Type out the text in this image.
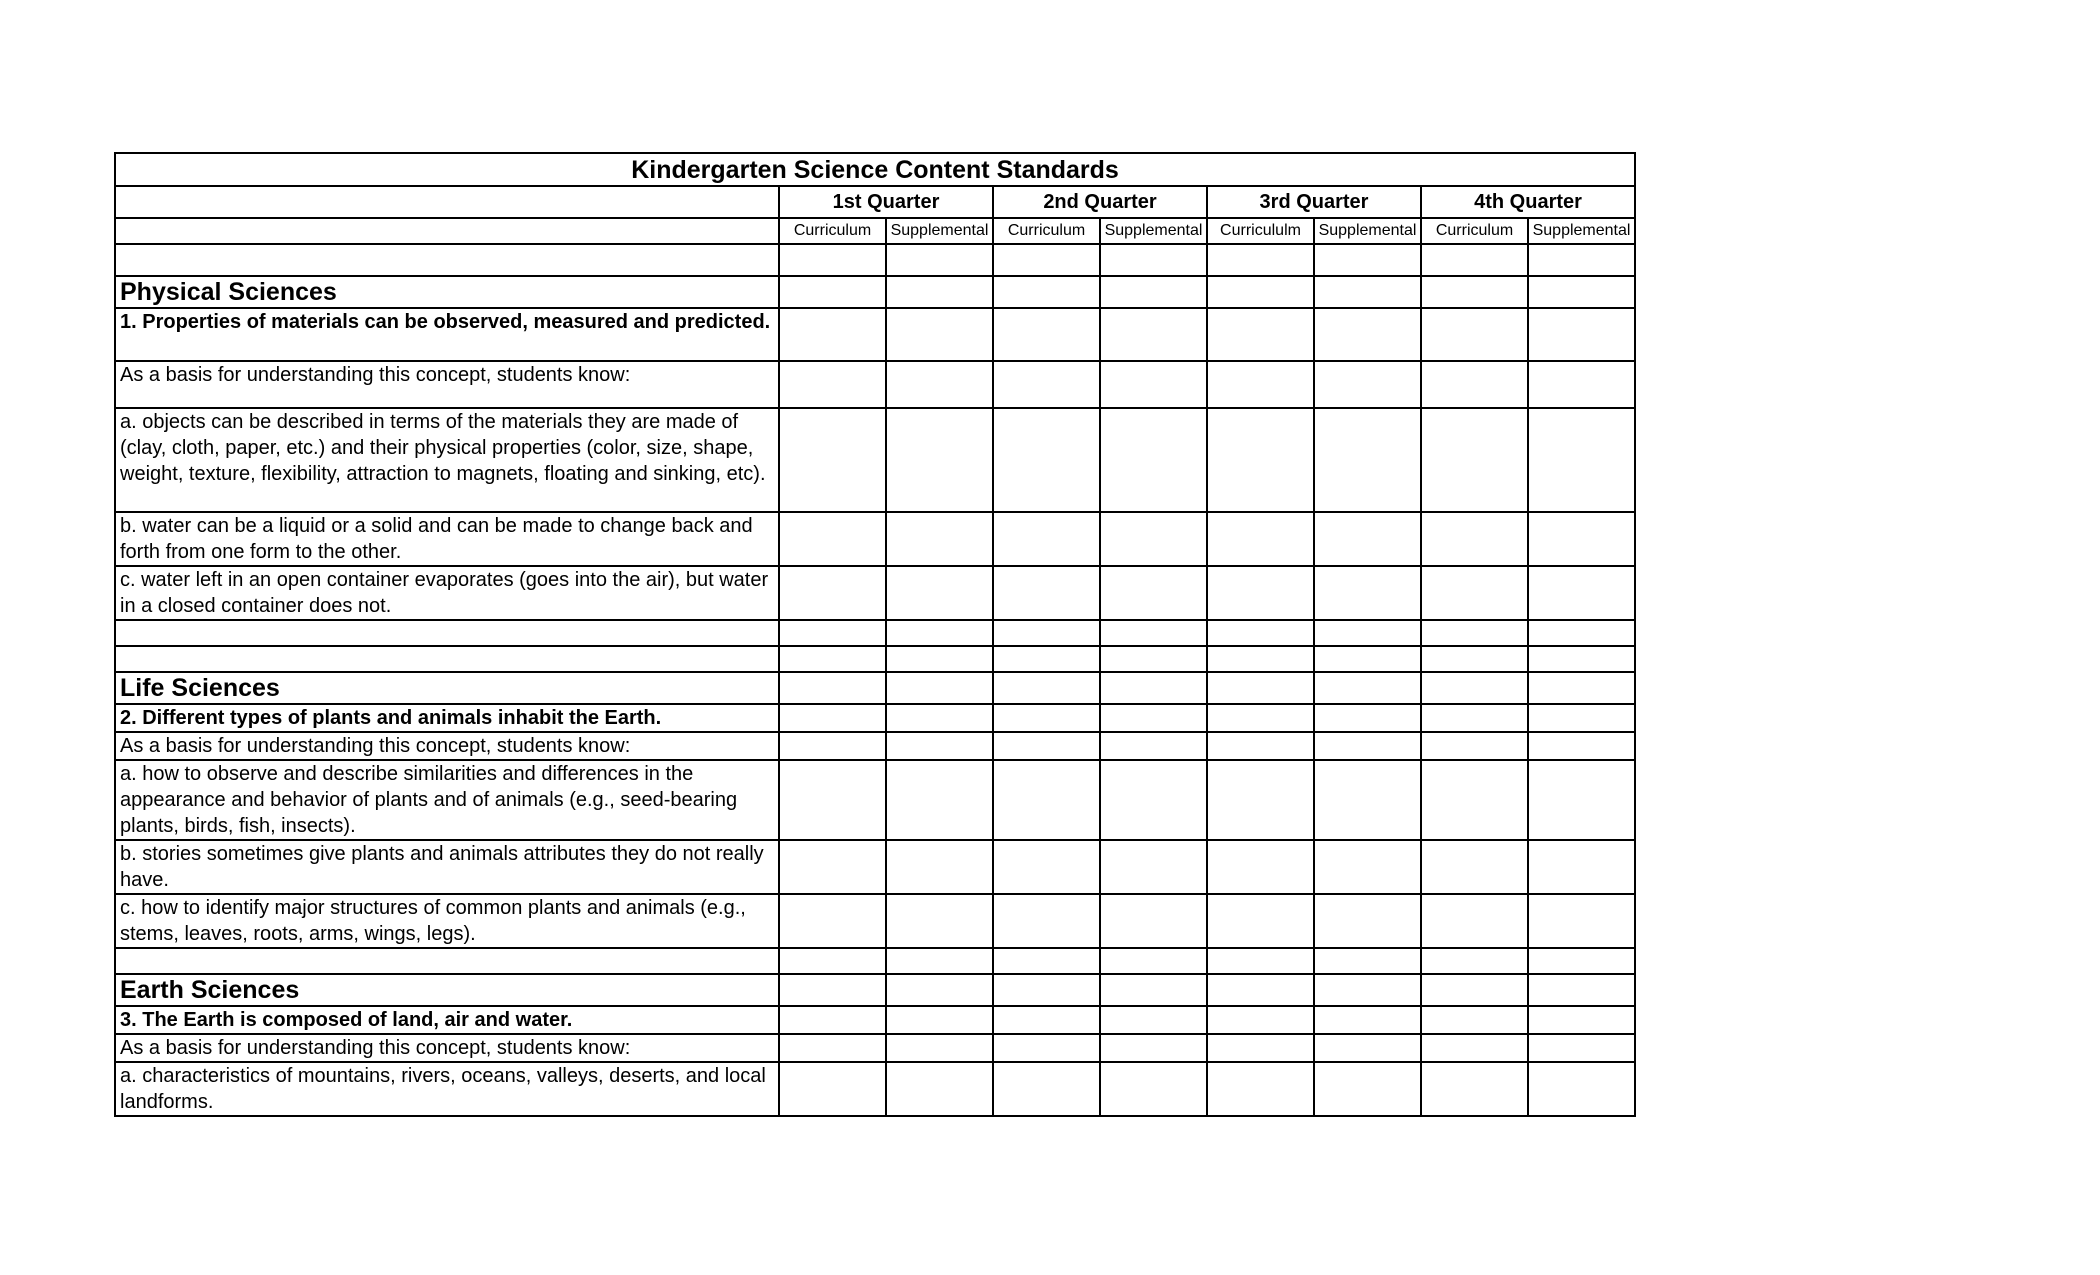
Kindergarten Science Content Standards								
	1st Quarter		2nd Quarter		3rd Quarter		4th Quarter	
	Curriculum	Supplemental	Curriculum	Supplemental	Curricululm	Supplemental	Curriculum	Supplemental

Physical Sciences								
1. Properties of materials can be observed, measured and predicted.								
As a basis for understanding this concept, students know:								
a. objects can be described in terms of the materials they are made of (clay, cloth, paper, etc.) and their physical properties (color, size, shape, weight, texture, flexibility, attraction to magnets, floating and sinking, etc).								
b. water can be a liquid or a solid and can be made to change back and forth from one form to the other.								
c. water left in an open container evaporates (goes into the air), but water in a closed container does not.								

Life Sciences								
2. Different types of plants and animals inhabit the Earth.								
As a basis for understanding this concept, students know:								
a. how to observe and describe similarities and differences in the appearance and behavior of plants and of animals (e.g., seed-bearing plants, birds, fish, insects).								
b. stories sometimes give plants and animals attributes they do not really have.								
c. how to identify major structures of common plants and animals (e.g., stems, leaves, roots, arms, wings, legs).								

Earth Sciences								
3. The Earth is composed of land, air and water.								
As a basis for understanding this concept, students know:								
a. characteristics of mountains, rivers, oceans, valleys, deserts, and local landforms.								
